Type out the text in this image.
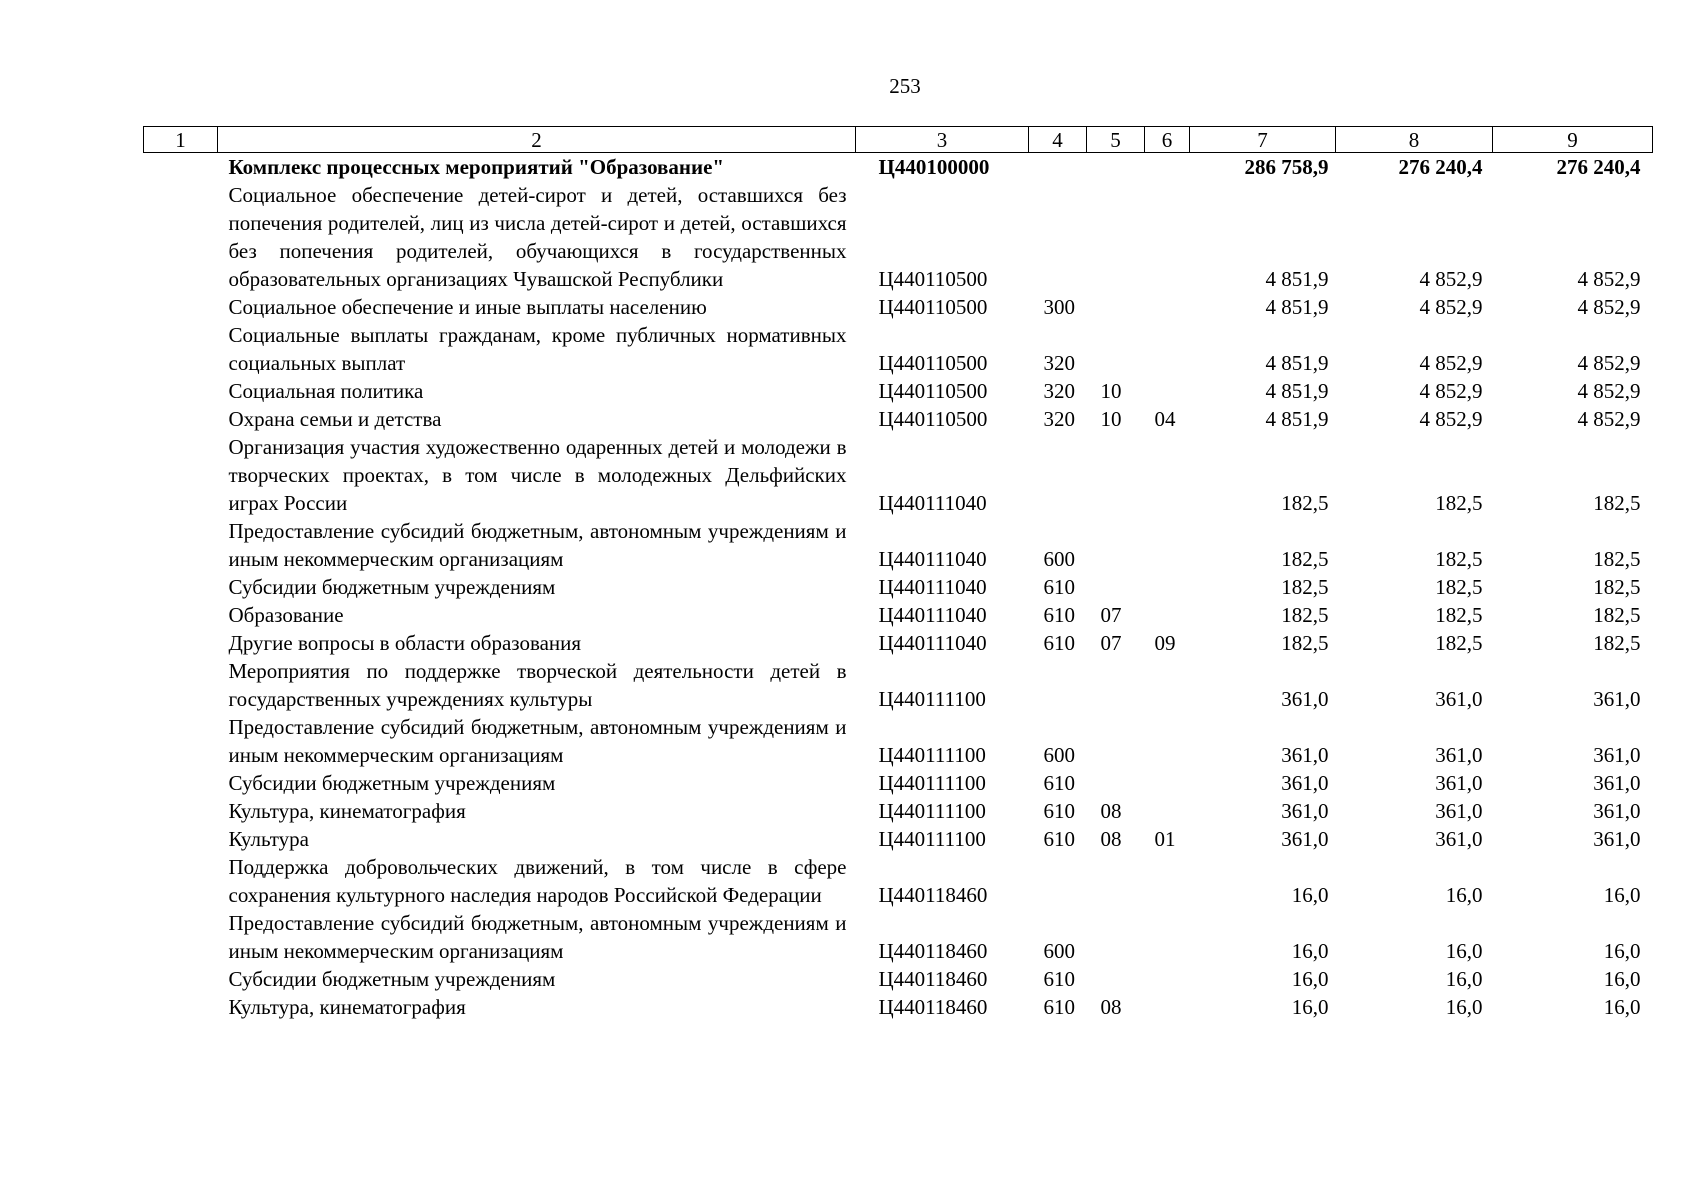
253
1	2	3	4	5	6	7	8	9
	Комплекс процессных мероприятий "Образование"	Ц440100000				286 758,9	276 240,4	276 240,4
	Социальное обеспечение детей-сирот и детей, оставшихся без попечения родителей, лиц из числа детей-сирот и детей, оставшихся без попечения родителей, обучающихся в государственных образовательных организациях Чувашской Республики	Ц440110500				4 851,9	4 852,9	4 852,9
	Социальное обеспечение и иные выплаты населению	Ц440110500	300			4 851,9	4 852,9	4 852,9
	Социальные выплаты гражданам, кроме публичных нормативных социальных выплат	Ц440110500	320			4 851,9	4 852,9	4 852,9
	Социальная политика	Ц440110500	320	10		4 851,9	4 852,9	4 852,9
	Охрана семьи и детства	Ц440110500	320	10	04	4 851,9	4 852,9	4 852,9
	Организация участия художественно одаренных детей и молодежи в творческих проектах, в том числе в молодежных Дельфийских играх России	Ц440111040				182,5	182,5	182,5
	Предоставление субсидий бюджетным, автономным учреждениям и иным некоммерческим организациям	Ц440111040	600			182,5	182,5	182,5
	Субсидии бюджетным учреждениям	Ц440111040	610			182,5	182,5	182,5
	Образование	Ц440111040	610	07		182,5	182,5	182,5
	Другие вопросы в области образования	Ц440111040	610	07	09	182,5	182,5	182,5
	Мероприятия по поддержке творческой деятельности детей в государственных учреждениях культуры	Ц440111100				361,0	361,0	361,0
	Предоставление субсидий бюджетным, автономным учреждениям и иным некоммерческим организациям	Ц440111100	600			361,0	361,0	361,0
	Субсидии бюджетным учреждениям	Ц440111100	610			361,0	361,0	361,0
	Культура, кинематография	Ц440111100	610	08		361,0	361,0	361,0
	Культура	Ц440111100	610	08	01	361,0	361,0	361,0
	Поддержка добровольческих движений, в том числе в сфере сохранения культурного наследия народов Российской Федерации	Ц440118460				16,0	16,0	16,0
	Предоставление субсидий бюджетным, автономным учреждениям и иным некоммерческим организациям	Ц440118460	600			16,0	16,0	16,0
	Субсидии бюджетным учреждениям	Ц440118460	610			16,0	16,0	16,0
	Культура, кинематография	Ц440118460	610	08		16,0	16,0	16,0
